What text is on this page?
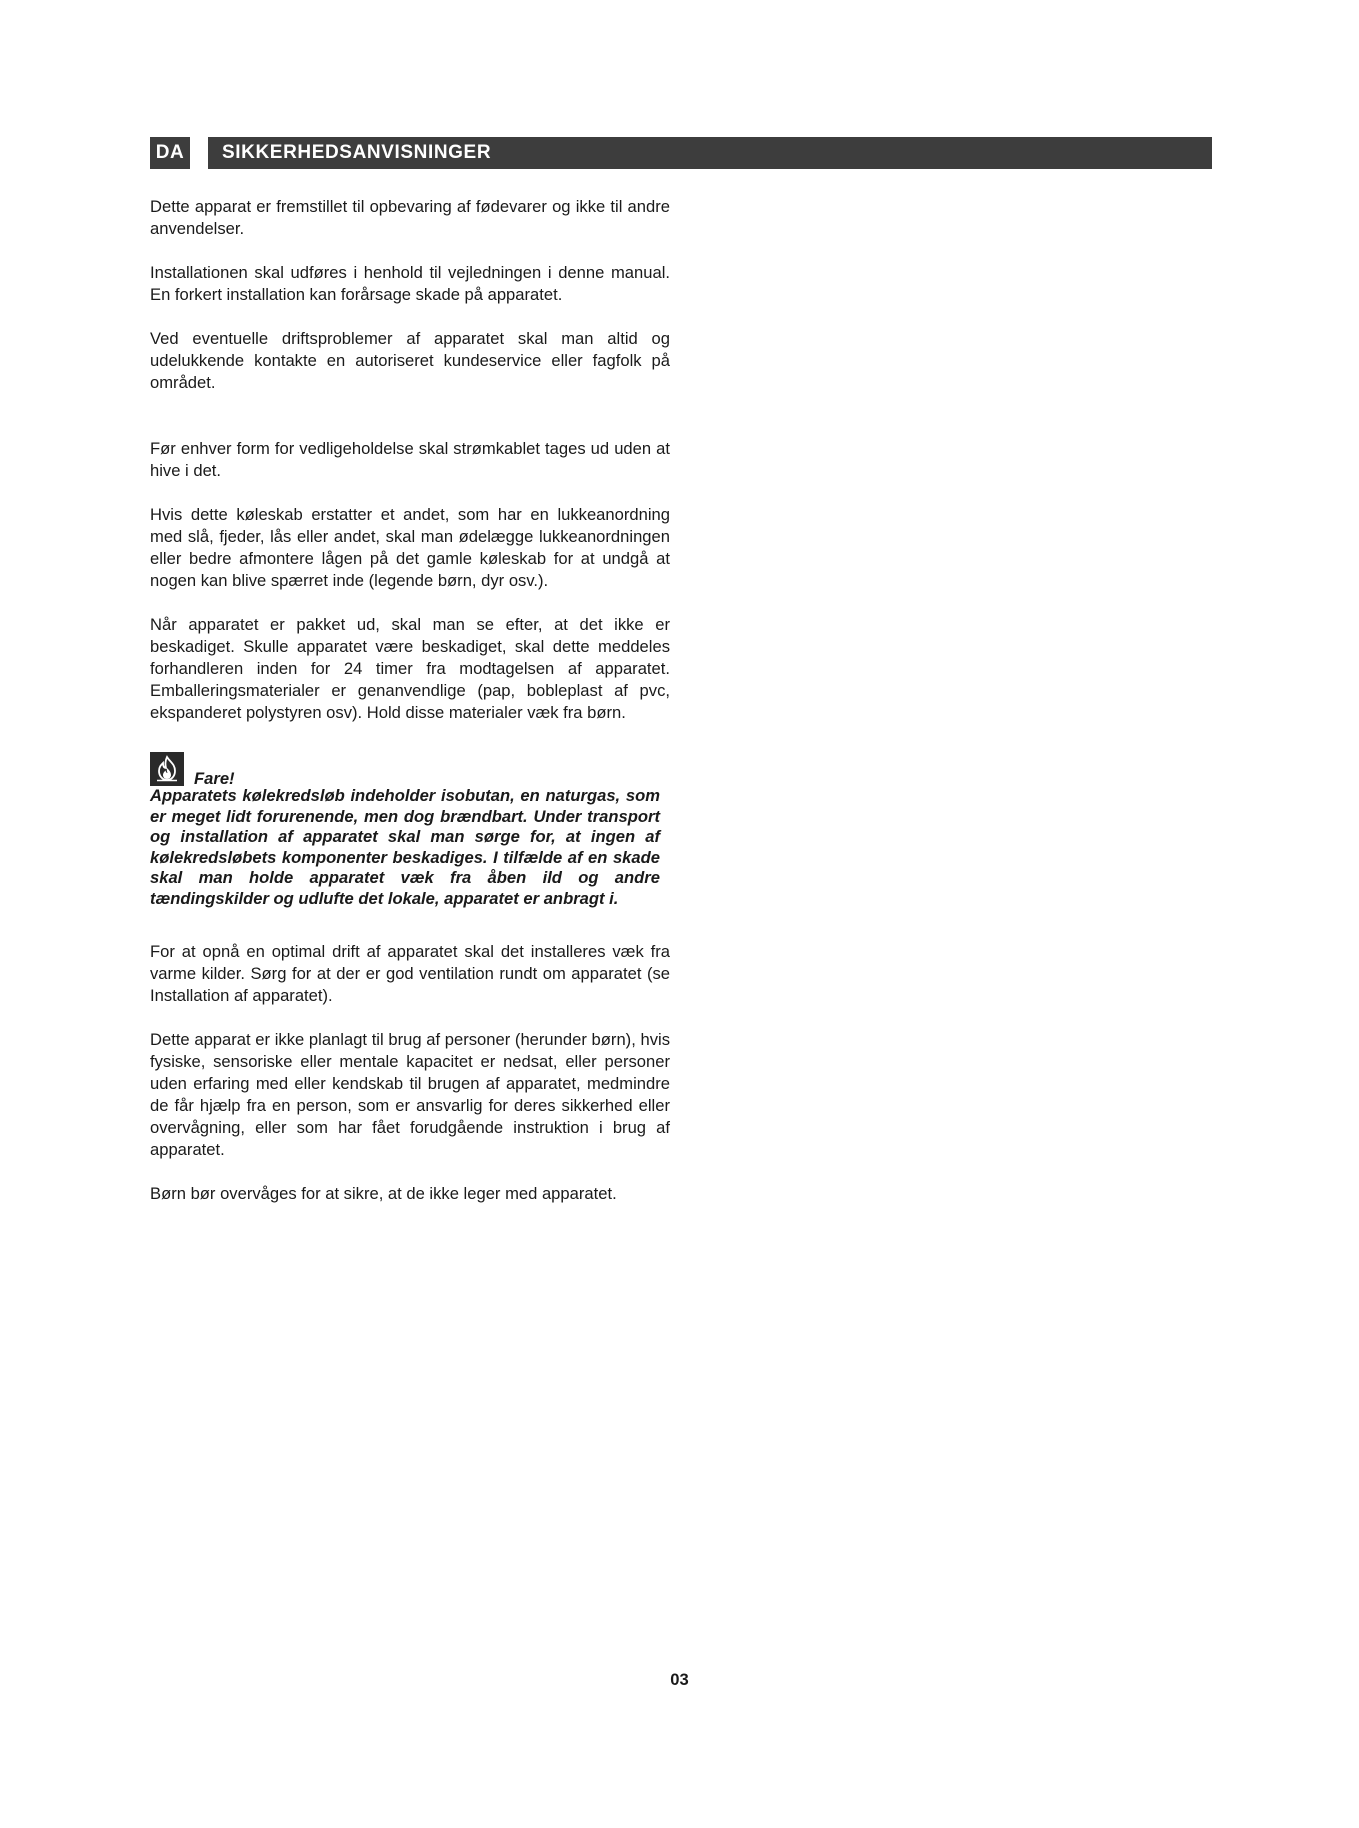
DA	SIKKERHEDSANVISNINGER

Dette apparat er fremstillet til opbevaring af fødevarer og ikke til andre anvendelser.

Installationen skal udføres i henhold til vejledningen i denne manual. En forkert installation kan forårsage skade på apparatet.

Ved eventuelle driftsproblemer af apparatet skal man altid og udelukkende kontakte en autoriseret kundeservice eller fagfolk på området.

Før enhver form for vedligeholdelse skal strømkablet tages ud uden at hive i det.

Hvis dette køleskab erstatter et andet, som har en lukkeanordning med slå, fjeder, lås eller andet, skal man ødelægge lukkeanordningen eller bedre afmontere lågen på det gamle køleskab for at undgå at nogen kan blive spærret inde (legende børn, dyr osv.).

Når apparatet er pakket ud, skal man se efter, at det ikke er beskadiget. Skulle apparatet være beskadiget, skal dette meddeles forhandleren inden for 24 timer fra modtagelsen af apparatet. Emballeringsmaterialer er genanvendlige (pap, bobleplast af pvc, ekspanderet polystyren osv). Hold disse materialer væk fra børn.

Fare!

Apparatets kølekredsløb indeholder isobutan, en naturgas, som er meget lidt forurenende, men dog brændbart. Under transport og installation af apparatet skal man sørge for, at ingen af kølekredsløbets komponenter beskadiges. I tilfælde af en skade skal man holde apparatet væk fra åben ild og andre tændingskilder og udlufte det lokale, apparatet er anbragt i.

For at opnå en optimal drift af apparatet skal det installeres væk fra varme kilder. Sørg for at der er god ventilation rundt om apparatet (se Installation af apparatet).

Dette apparat er ikke planlagt til brug af personer (herunder børn), hvis fysiske, sensoriske eller mentale kapacitet er nedsat, eller personer uden erfaring med eller kendskab til brugen af apparatet, medmindre de får hjælp fra en person, som er ansvarlig for deres sikkerhed eller overvågning, eller som har fået forudgående instruktion i brug af apparatet.

Børn bør overvåges for at sikre, at de ikke leger med apparatet.

03
